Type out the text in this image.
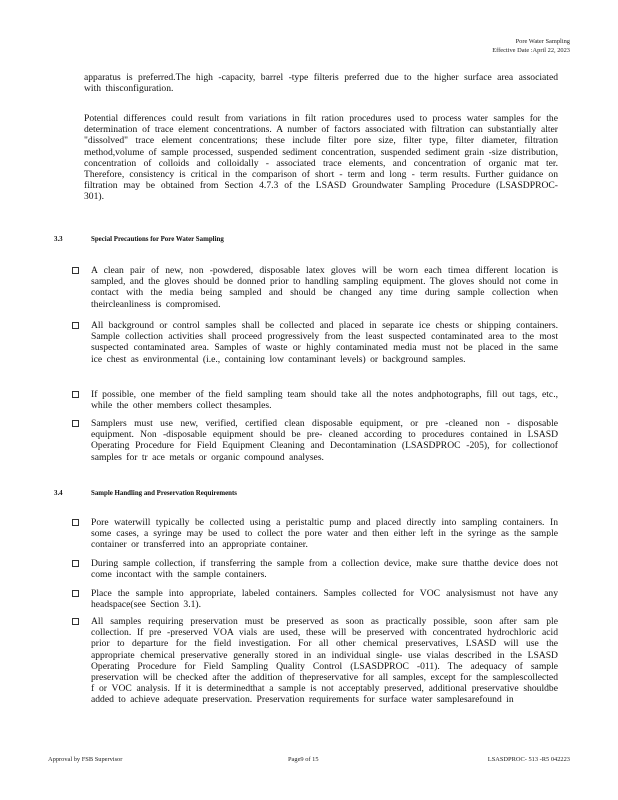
Pore Water Sampling
Effective Date :April 22, 2023
apparatus is preferred.The high -capacity, barrel -type filteris preferred due to the higher surface area associated with thisconfiguration.
Potential differences could result from variations in filt ration procedures used to process water samples for the determination of trace element concentrations. A number of factors associated with filtration can substantially alter "dissolved" trace element concentrations; these include filter pore size, filter type, filter diameter, filtration method,volume of sample processed, suspended sediment concentration, suspended sediment grain -size distribution, concentration of colloids and colloidally - associated trace elements, and concentration of organic mat ter. Therefore, consistency is critical in the comparison of short - term and long - term results. Further guidance on filtration may be obtained from Section 4.7.3 of the LSASD Groundwater Sampling Procedure (LSASDPROC-301).
3.3	Special Precautions for Pore Water Sampling
A clean pair of new, non -powdered, disposable latex gloves will be worn each timea different location is sampled, and the gloves should be donned prior to handling sampling equipment. The gloves should not come in contact with the media being sampled and should be changed any time during sample collection when theircleanliness is compromised.
All background or control samples shall be collected and placed in separate ice chests or shipping containers. Sample collection activities shall proceed progressively from the least suspected contaminated area to the most suspected contaminated area. Samples of waste or highly contaminated media must not be placed in the same ice chest as environmental (i.e., containing low contaminant levels) or background samples.
If possible, one member of the field sampling team should take all the notes andphotographs, fill out tags, etc., while the other members collect thesamples.
Samplers must use new, verified, certified clean disposable equipment, or pre -cleaned non - disposable equipment. Non -disposable equipment should be pre- cleaned according to procedures contained in LSASD Operating Procedure for Field Equipment Cleaning and Decontamination (LSASDPROC -205), for collectionof samples for tr ace metals or organic compound analyses.
3.4	Sample Handling and Preservation Requirements
Pore waterwill typically be collected using a peristaltic pump and placed directly into sampling containers. In some cases, a syringe may be used to collect the pore water and then either left in the syringe as the sample container or transferred into an appropriate container.
During sample collection, if transferring the sample from a collection device, make sure thatthe device does not come incontact with the sample containers.
Place the sample into appropriate, labeled containers. Samples collected for VOC analysismust not have any headspace(see Section 3.1).
All samples requiring preservation must be preserved as soon as practically possible, soon after sam ple collection. If pre -preserved VOA vials are used, these will be preserved with concentrated hydrochloric acid prior to departure for the field investigation. For all other chemical preservatives, LSASD will use the appropriate chemical preservative generally stored in an individual single- use vialas described in the LSASD Operating Procedure for Field Sampling Quality Control (LSASDPROC -011). The adequacy of sample preservation will be checked after the addition of thepreservative for all samples, except for the samplescollected f or VOC analysis. If it is determinedthat a sample is not acceptably preserved, additional preservative shouldbe added to achieve adequate preservation. Preservation requirements for surface water samplesarefound in
Approval by FSB Supervisor	Page9 of 15	LSASDPROC- 513 -R5 042223
